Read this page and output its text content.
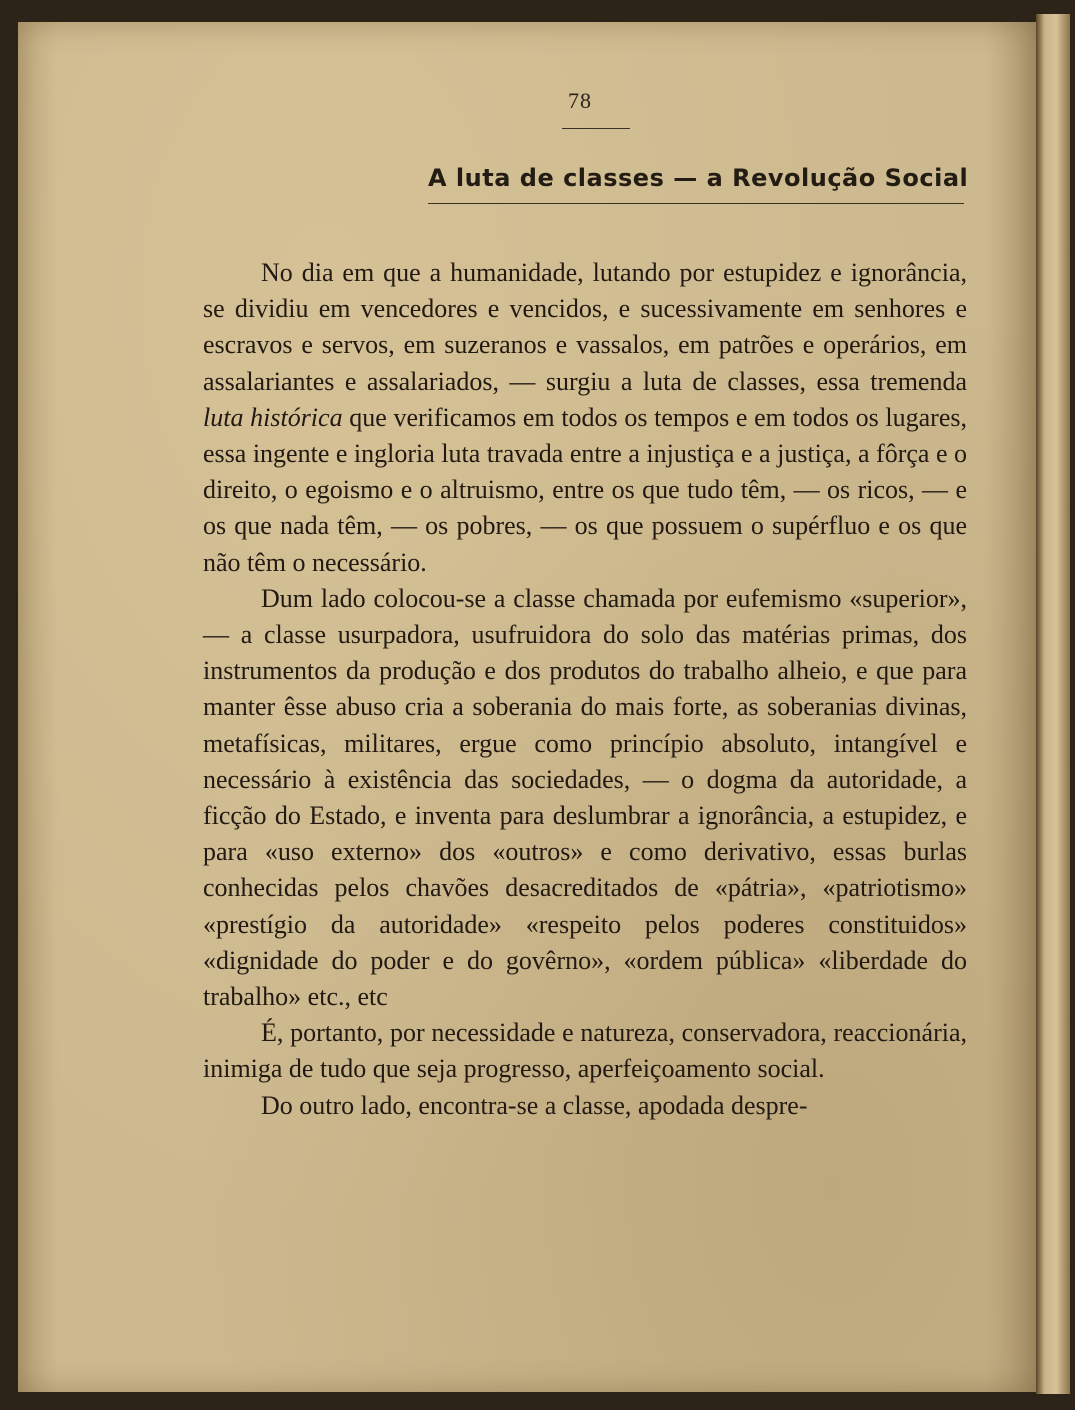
78
A luta de classes — a Revolução Social

No dia em que a humanidade, lutando por estupidez e ignorância, se dividiu em vencedores e vencidos, e sucessivamente em senhores e escravos e servos, em suzeranos e vassalos, em patrões e operários, em assalariantes e assalariados, — surgiu a luta de classes, essa tremenda luta histórica que verificamos em todos os tempos e em todos os lugares, essa ingente e ingloria luta travada entre a injustiça e a justiça, a fôrça e o direito, o egoismo e o altruismo, entre os que tudo têm, — os ricos, — e os que nada têm, — os pobres, — os que possuem o supérfluo e os que não têm o necessário.

Dum lado colocou-se a classe chamada por eufemismo «superior», — a classe usurpadora, usufruidora do solo das matérias primas, dos instrumentos da produção e dos produtos do trabalho alheio, e que para manter êsse abuso cria a soberania do mais forte, as soberanias divinas, metafísicas, militares, ergue como princípio absoluto, intangível e necessário à existência das sociedades, — o dogma da autoridade, a ficção do Estado, e inventa para deslumbrar a ignorância, a estupidez, e para «uso externo» dos «outros» e como derivativo, essas burlas conhecidas pelos chavões desacreditados de «pátria», «patriotismo» «prestígio da autoridade» «respeito pelos poderes constituidos» «dignidade do poder e do govêrno», «ordem pública» «liberdade do trabalho» etc., etc

É, portanto, por necessidade e natureza, conservadora, reaccionária, inimiga de tudo que seja progresso, aperfeiçoamento social.

Do outro lado, encontra-se a classe, apodada despre-
